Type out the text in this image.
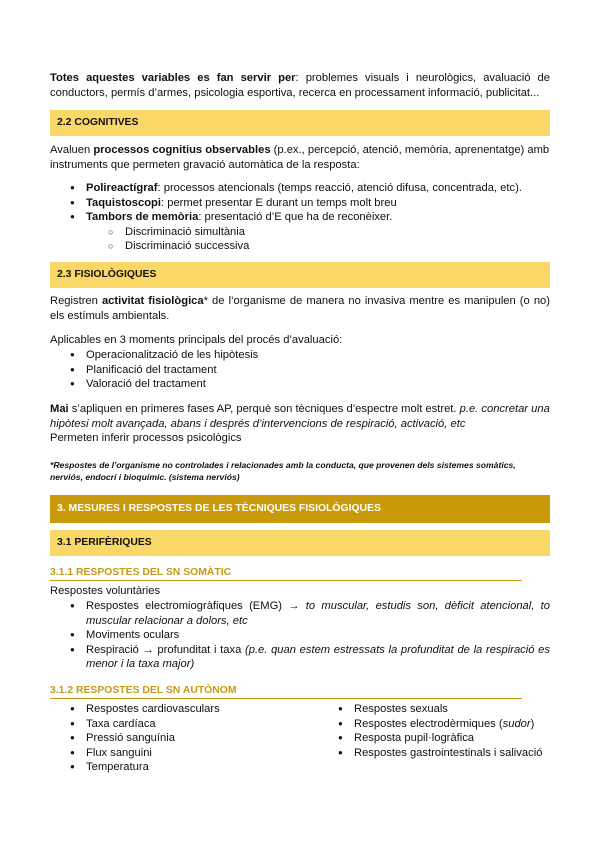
Totes aquestes variables es fan servir per: problemes visuals i neurològics, avaluació de conductors, permís d’armes, psicologia esportiva, recerca en processament informació, publicitat...
2.2 COGNITIVES
Avaluen processos cognitius observables (p.ex., percepció, atenció, memòria, aprenentatge) amb instruments que permeten gravació automàtica de la resposta:
● Polireactígraf: processos atencionals (temps reacció, atenció difusa, concentrada, etc).
● Taquistoscopi: permet presentar E durant un temps molt breu
● Tambors de memòria: presentació d’E que ha de reconèixer.
○ Discriminació simultània
○ Discriminació successiva
2.3 FISIOLÒGIQUES
Registren activitat fisiològica* de l’organisme de manera no invasiva mentre es manipulen (o no) els estímuls ambientals.
Aplicables en 3 moments principals del procés d’avaluació:
● Operacionalització de les hipòtesis
● Planificació del tractament
● Valoració del tractament
Mai s’apliquen en primeres fases AP, perquè son tècniques d’espectre molt estret. p.e. concretar una hipòtesi molt avançada, abans i després d’intervencions de respiració, activació, etc
Permeten inferir processos psicològics
*Respostes de l’organisme no controlades i relacionades amb la conducta, que provenen dels sistemes somàtics, nerviós, endocrí i bioquímic. (sistema nerviós)
3. MESURES I RESPOSTES DE LES TÈCNIQUES FISIOLÒGIQUES
3.1 PERIFÈRIQUES
3.1.1 RESPOSTES DEL SN SOMÀTIC
Respostes voluntàries
● Respostes electromiogràfiques (EMG) → to muscular, estudis son, dèficit atencional, to muscular relacionar a dolors, etc
● Moviments oculars
● Respiració → profunditat i taxa (p.e. quan estem estressats la profunditat de la respiració es menor i la taxa major)
3.1.2 RESPOSTES DEL SN AUTÒNOM
● Respostes cardiovasculars
● Taxa cardíaca
● Pressió sanguínia
● Flux sanguini
● Temperatura
● Respostes sexuals
● Respostes electrodèrmiques (sudor)
● Resposta pupil·logràfica
● Respostes gastrointestinals i salivació
